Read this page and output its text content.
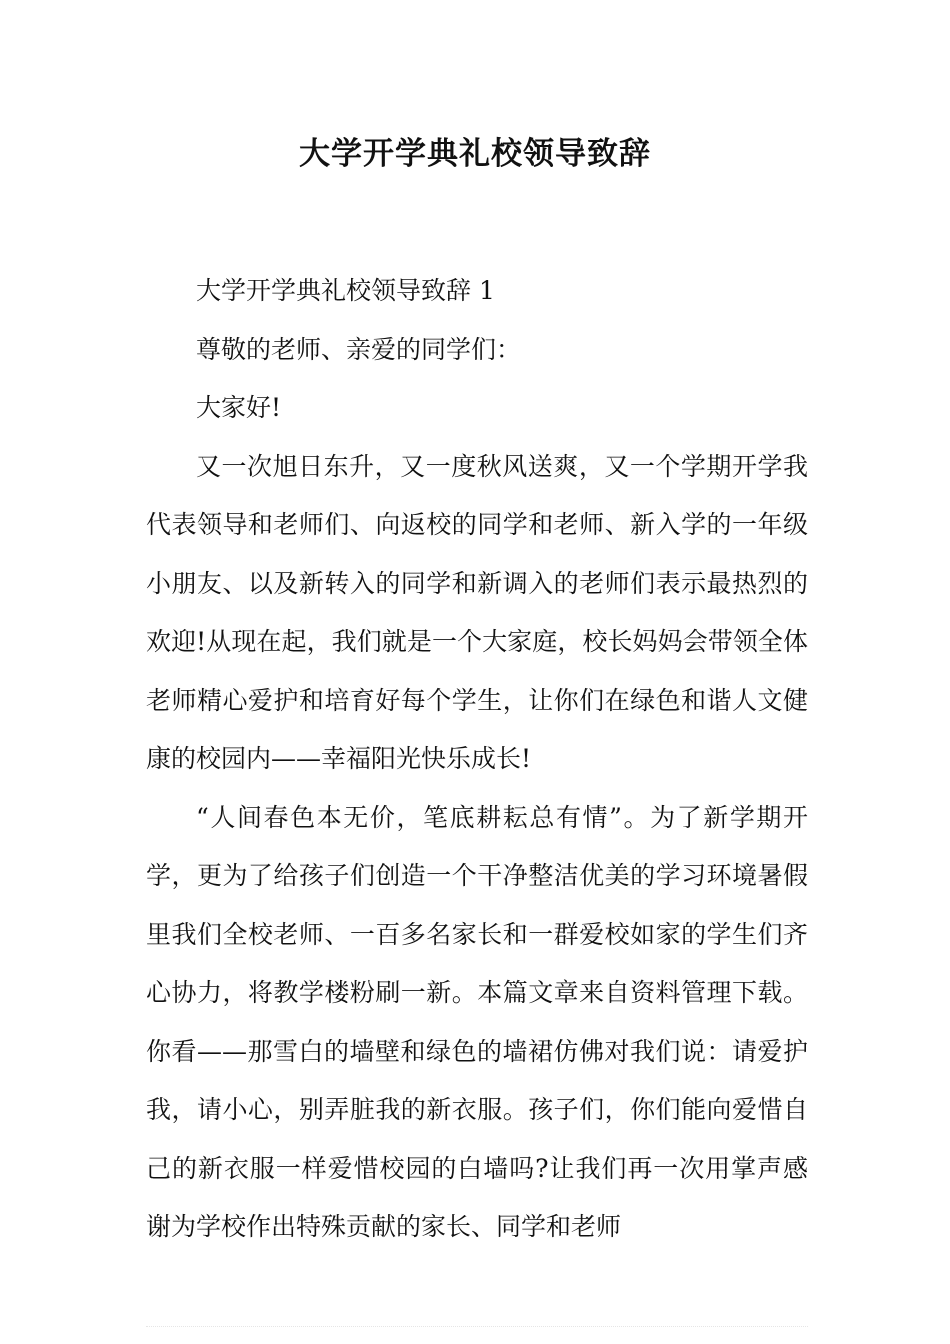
大学开学典礼校领导致辞

大学开学典礼校领导致辞 1

尊敬的老师、亲爱的同学们：

大家好!

又一次旭日东升，又一度秋风送爽，又一个学期开学我代表领导和老师们、向返校的同学和老师、新入学的一年级小朋友、以及新转入的同学和新调入的老师们表示最热烈的欢迎!从现在起，我们就是一个大家庭，校长妈妈会带领全体老师精心爱护和培育好每个学生，让你们在绿色和谐人文健康的校园内——幸福阳光快乐成长!

“人间春色本无价，笔底耕耘总有情”。为了新学期开学，更为了给孩子们创造一个干净整洁优美的学习环境暑假里我们全校老师、一百多名家长和一群爱校如家的学生们齐心协力，将教学楼粉刷一新。本篇文章来自资料管理下载。你看——那雪白的墙壁和绿色的墙裙仿佛对我们说：请爱护我，请小心，别弄脏我的新衣服。孩子们，你们能向爱惜自己的新衣服一样爱惜校园的白墙吗?让我们再一次用掌声感谢为学校作出特殊贡献的家长、同学和老师
